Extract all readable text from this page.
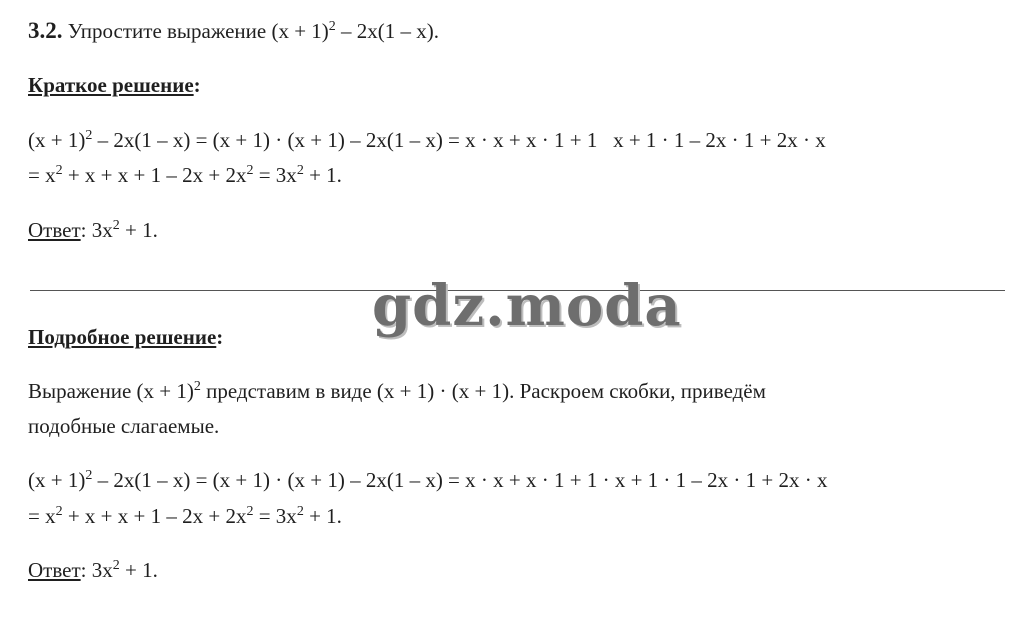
3.2. Упростите выражение $(x + 1)^2 - 2x(1 - x)$.
Краткое решение:
$(x + 1)^2 - 2x(1 - x) = (x + 1) \cdot (x + 1) - 2x(1 - x) = x \cdot x + x \cdot 1 + 1$   x + 1 · 1 – 2x · 1 + 2x · x
= $x^2 + x + x + 1 - 2x + 2x^2 = 3x^2 + 1$.
Ответ: $3x^2 + 1$.
gdz.moda
Подробное решение:
Выражение $(x + 1)^2$ представим в виде (x + 1) · (x + 1). Раскроем скобки, приведём
подобные слагаемые.
$(x + 1)^2 - 2x(1 - x) = (x + 1) \cdot (x + 1) - 2x(1 - x) = x \cdot x + x \cdot 1 + 1 \cdot x + 1 \cdot 1 - 2x \cdot 1 + 2x \cdot x$
= $x^2 + x + x + 1 - 2x + 2x^2 = 3x^2 + 1$.
Ответ: $3x^2 + 1$.
